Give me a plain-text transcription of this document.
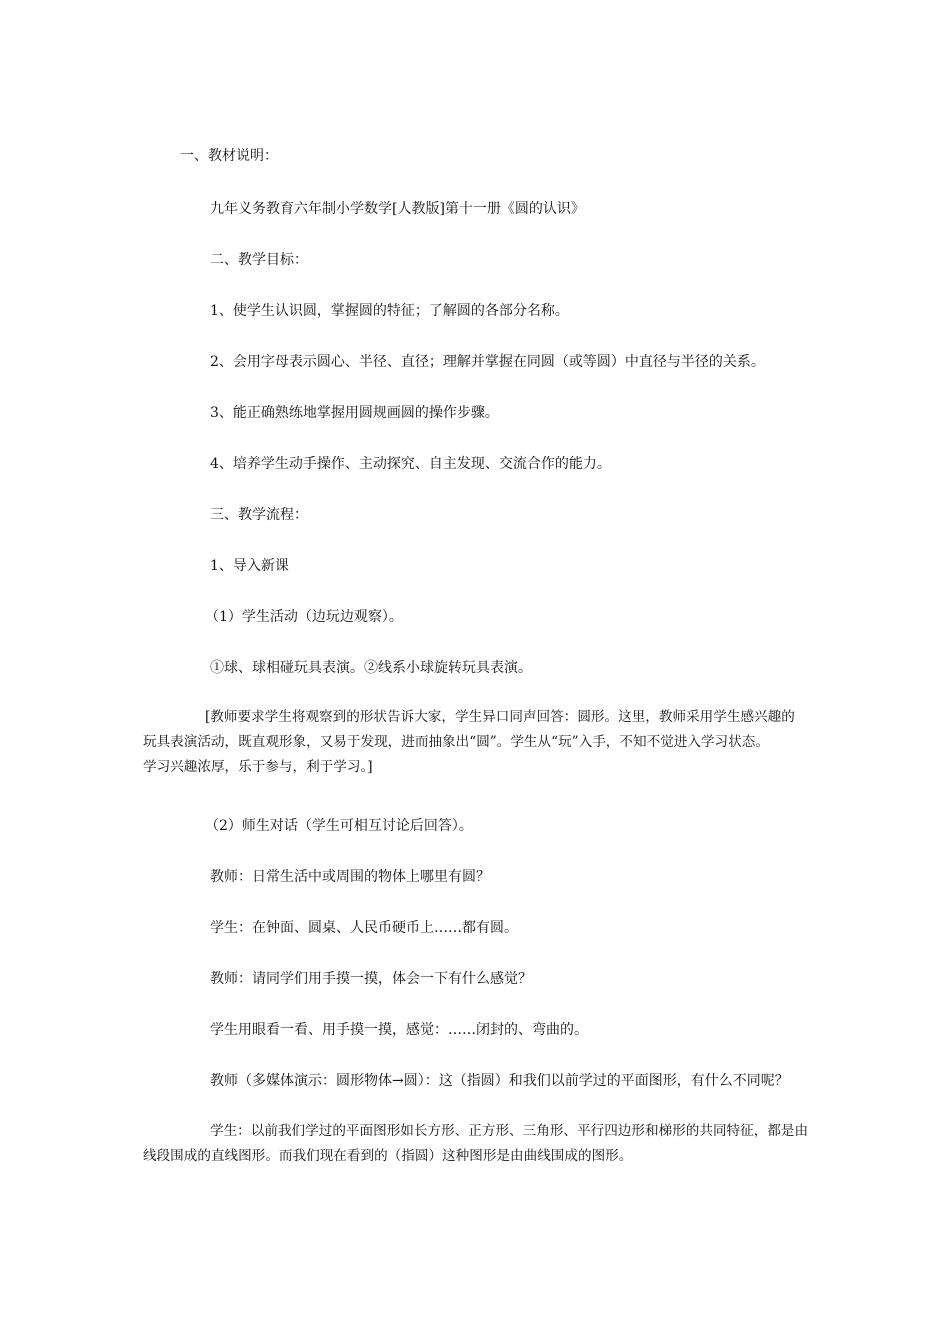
一、教材说明：
九年义务教育六年制小学数学[人教版]第十一册《圆的认识》
二、教学目标：
1、使学生认识圆，掌握圆的特征；了解圆的各部分名称。
2、会用字母表示圆心、半径、直径；理解并掌握在同圆（或等圆）中直径与半径的关系。
3、能正确熟练地掌握用圆规画圆的操作步骤。
4、培养学生动手操作、主动探究、自主发现、交流合作的能力。
三、教学流程：
1、导入新课
（1）学生活动（边玩边观察）。
①球、球相碰玩具表演。②线系小球旋转玩具表演。
[教师要求学生将观察到的形状告诉大家，学生异口同声回答：圆形。这里，教师采用学生感兴趣的
玩具表演活动，既直观形象，又易于发现，进而抽象出“圆”。学生从“玩”入手，不知不觉进入学习状态。
学习兴趣浓厚，乐于参与，利于学习。]
（2）师生对话（学生可相互讨论后回答）。
教师：日常生活中或周围的物体上哪里有圆？
学生：在钟面、圆桌、人民币硬币上……都有圆。
教师：请同学们用手摸一摸，体会一下有什么感觉？
学生用眼看一看、用手摸一摸，感觉：……闭封的、弯曲的。
教师（多媒体演示：圆形物体→圆）：这（指圆）和我们以前学过的平面图形，有什么不同呢？
学生：以前我们学过的平面图形如长方形、正方形、三角形、平行四边形和梯形的共同特征，都是由
线段围成的直线图形。而我们现在看到的（指圆）这种图形是由曲线围成的图形。
